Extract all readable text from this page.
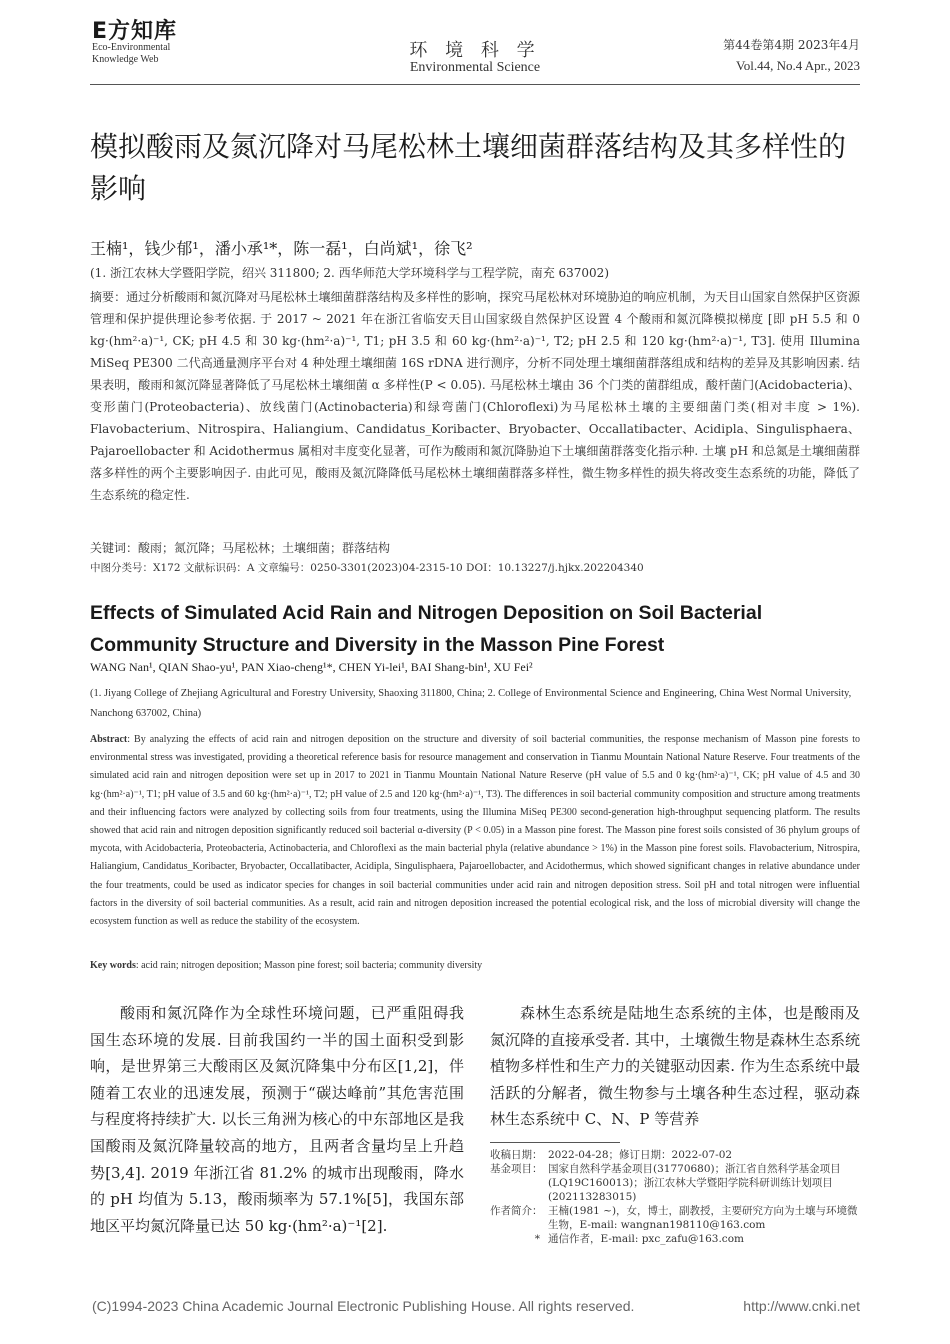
E方知库
Eco-Environmental
Knowledge Web	环 境 科 学
Environmental Science
第44卷第4期 2023年4月
Vol.44, No.4 Apr., 2023
模拟酸雨及氮沉降对马尾松林土壤细菌群落结构及其多样性的影响
王楠¹，钱少郁¹，潘小承¹*，陈一磊¹，白尚斌¹，徐飞²
(1. 浙江农林大学暨阳学院，绍兴 311800; 2. 西华师范大学环境科学与工程学院，南充 637002)
摘要：通过分析酸雨和氮沉降对马尾松林土壤细菌群落结构及多样性的影响，探究马尾松林对环境胁迫的响应机制，为天目山国家自然保护区资源管理和保护提供理论参考依据. 于 2017 ~ 2021 年在浙江省临安天目山国家级自然保护区设置 4 个酸雨和氮沉降模拟梯度 [即 pH 5.5 和 0 kg·(hm²·a)⁻¹, CK; pH 4.5 和 30 kg·(hm²·a)⁻¹, T1; pH 3.5 和 60 kg·(hm²·a)⁻¹, T2; pH 2.5 和 120 kg·(hm²·a)⁻¹, T3]. 使用 Illumina MiSeq PE300 二代高通量测序平台对 4 种处理土壤细菌 16S rDNA 进行测序，分析不同处理土壤细菌群落组成和结构的差异及其影响因素. 结果表明，酸雨和氮沉降显著降低了马尾松林土壤细菌 α 多样性(P < 0.05). 马尾松林土壤由 36 个门类的菌群组成，酸杆菌门(Acidobacteria)、变形菌门(Proteobacteria)、放线菌门(Actinobacteria)和绿弯菌门(Chloroflexi)为马尾松林土壤的主要细菌门类(相对丰度 > 1%). Flavobacterium、Nitrospira、Haliangium、Candidatus_Koribacter、Bryobacter、Occallatibacter、Acidipla、Singulisphaera、Pajaroellobacter 和 Acidothermus 属相对丰度变化显著，可作为酸雨和氮沉降胁迫下土壤细菌群落变化指示种. 土壤 pH 和总氮是土壤细菌群落多样性的两个主要影响因子. 由此可见，酸雨及氮沉降降低马尾松林土壤细菌群落多样性，微生物多样性的损失将改变生态系统的功能，降低了生态系统的稳定性.
关键词：酸雨；氮沉降；马尾松林；土壤细菌；群落结构
中图分类号：X172 文献标识码：A 文章编号：0250-3301(2023)04-2315-10 DOI：10.13227/j.hjkx.202204340
Effects of Simulated Acid Rain and Nitrogen Deposition on Soil Bacterial Community Structure and Diversity in the Masson Pine Forest
WANG Nan¹, QIAN Shao-yu¹, PAN Xiao-cheng¹*, CHEN Yi-lei¹, BAI Shang-bin¹, XU Fei²
(1. Jiyang College of Zhejiang Agricultural and Forestry University, Shaoxing 311800, China; 2. College of Environmental Science and Engineering, China West Normal University, Nanchong 637002, China)
Abstract: By analyzing the effects of acid rain and nitrogen deposition on the structure and diversity of soil bacterial communities, the response mechanism of Masson pine forests to environmental stress was investigated, providing a theoretical reference basis for resource management and conservation in Tianmu Mountain National Nature Reserve. Four treatments of the simulated acid rain and nitrogen deposition were set up in 2017 to 2021 in Tianmu Mountain National Nature Reserve (pH value of 5.5 and 0 kg·(hm²·a)⁻¹, CK; pH value of 4.5 and 30 kg·(hm²·a)⁻¹, T1; pH value of 3.5 and 60 kg·(hm²·a)⁻¹, T2; pH value of 2.5 and 120 kg·(hm²·a)⁻¹, T3). The differences in soil bacterial community composition and structure among treatments and their influencing factors were analyzed by collecting soils from four treatments, using the Illumina MiSeq PE300 second-generation high-throughput sequencing platform. The results showed that acid rain and nitrogen deposition significantly reduced soil bacterial α-diversity (P < 0.05) in a Masson pine forest. The Masson pine forest soils consisted of 36 phylum groups of mycota, with Acidobacteria, Proteobacteria, Actinobacteria, and Chloroflexi as the main bacterial phyla (relative abundance > 1%) in the Masson pine forest soils. Flavobacterium, Nitrospira, Haliangium, Candidatus_Koribacter, Bryobacter, Occallatibacter, Acidipla, Singulisphaera, Pajaroellobacter, and Acidothermus, which showed significant changes in relative abundance under the four treatments, could be used as indicator species for changes in soil bacterial communities under acid rain and nitrogen deposition stress. Soil pH and total nitrogen were influential factors in the diversity of soil bacterial communities. As a result, acid rain and nitrogen deposition increased the potential ecological risk, and the loss of microbial diversity will change the ecosystem function as well as reduce the stability of the ecosystem.
Key words: acid rain; nitrogen deposition; Masson pine forest; soil bacteria; community diversity
酸雨和氮沉降作为全球性环境问题，已严重阻碍我国生态环境的发展. 目前我国约一半的国土面积受到影响，是世界第三大酸雨区及氮沉降集中分布区[1,2]，伴随着工农业的迅速发展，预测于“碳达峰前”其危害范围与程度将持续扩大. 以长三角洲为核心的中东部地区是我国酸雨及氮沉降量较高的地方，且两者含量均呈上升趋势[3,4]. 2019 年浙江省 81.2% 的城市出现酸雨，降水的 pH 均值为 5.13，酸雨频率为 57.1%[5]，我国东部地区平均氮沉降量已达 50 kg·(hm²·a)⁻¹[2].
森林生态系统是陆地生态系统的主体，也是酸雨及氮沉降的直接承受者. 其中，土壤微生物是森林生态系统植物多样性和生产力的关键驱动因素. 作为生态系统中最活跃的分解者，微生物参与土壤各种生态过程，驱动森林生态系统中 C、N、P 等营养
收稿日期： 2022-04-28；修订日期：2022-07-02
基金项目： 国家自然科学基金项目(31770680)；浙江省自然科学基金项目(LQ19C160013)；浙江农林大学暨阳学院科研训练计划项目(202113283015)
作者简介： 王楠(1981 ~)，女，博士，副教授，主要研究方向为土壤与环境微生物，E-mail: wangnan198110@163.com
* 通信作者，E-mail: pxc_zafu@163.com
(C)1994-2023 China Academic Journal Electronic Publishing House. All rights reserved.	http://www.cnki.net
